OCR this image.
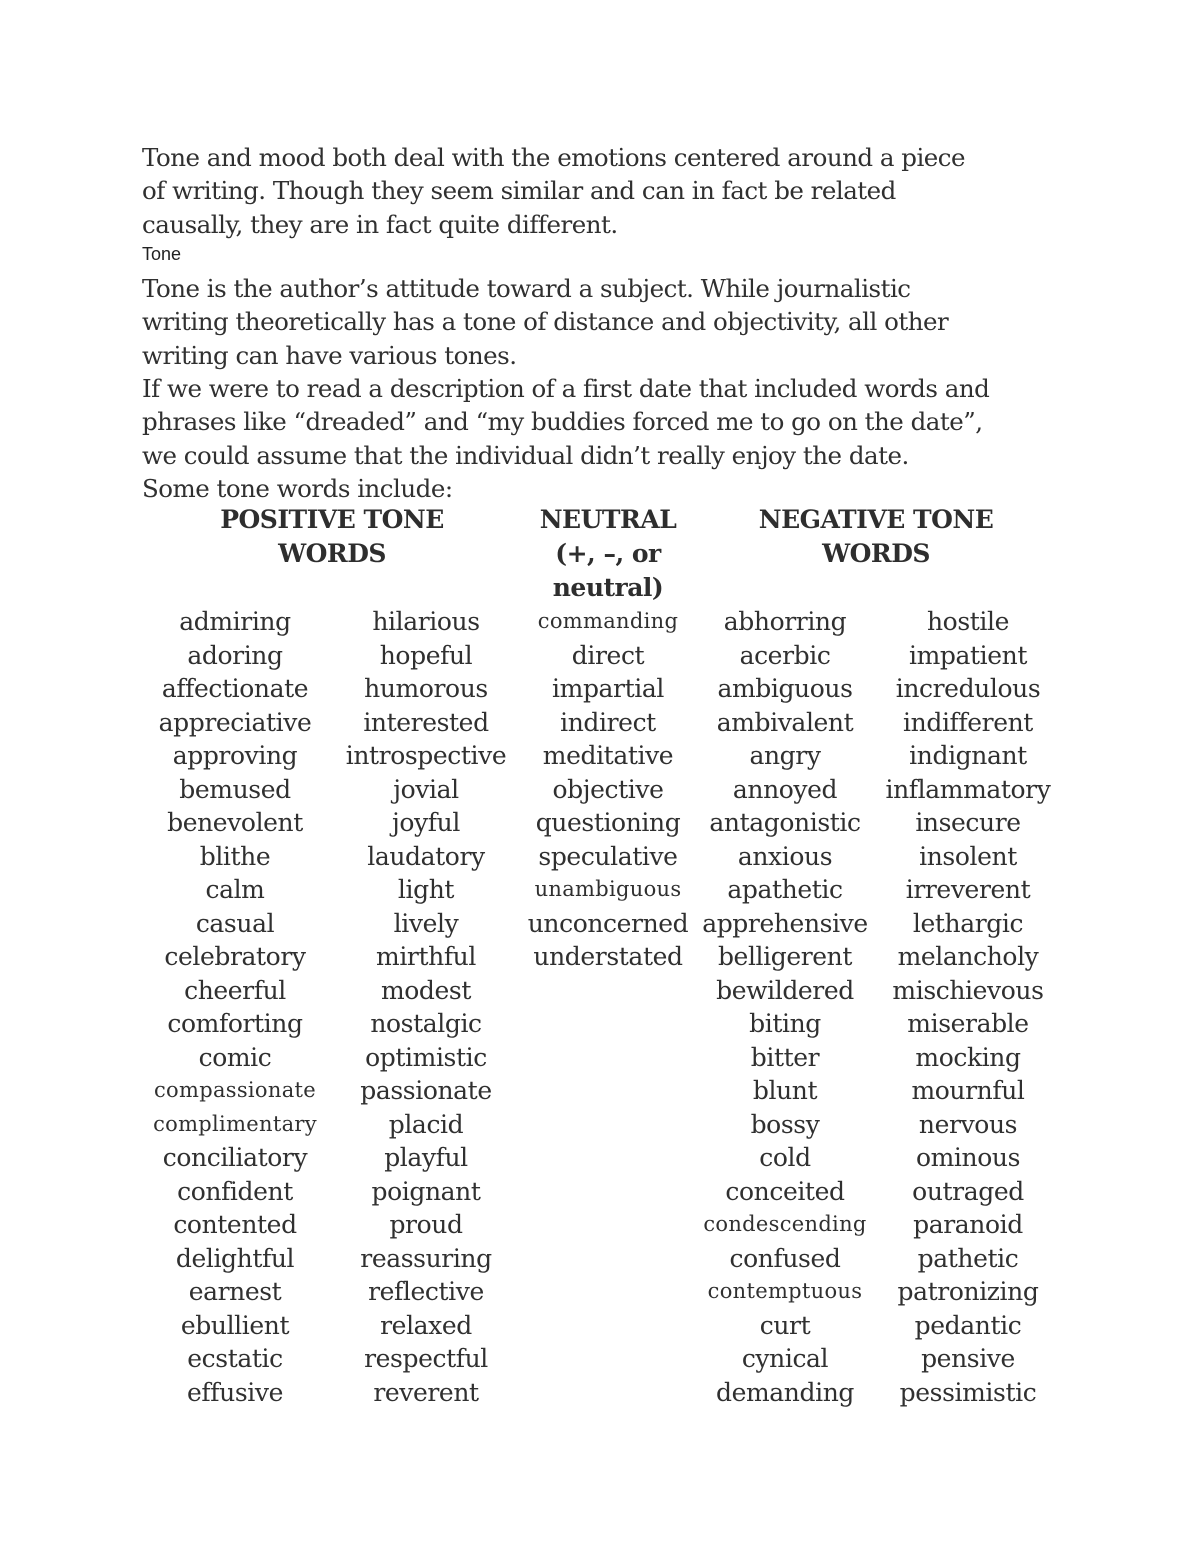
Tone and mood both deal with the emotions centered around a piece
of writing. Though they seem similar and can in fact be related
causally, they are in fact quite different.

Tone

Tone is the author’s attitude toward a subject. While journalistic
writing theoretically has a tone of distance and objectivity, all other
writing can have various tones.

If we were to read a description of a first date that included words and
phrases like “dreaded” and “my buddies forced me to go on the date”,
we could assume that the individual didn’t really enjoy the date.

Some tone words include:

POSITIVE TONE
WORDS
NEUTRAL
(+, –, or
neutral)
NEGATIVE TONE
WORDS
admiring
adoring
affectionate
appreciative
approving
bemused
benevolent
blithe
calm
casual
celebratory
cheerful
comforting
comic
compassionate
complimentary
conciliatory
confident
contented
delightful
earnest
ebullient
ecstatic
effusive
hilarious
hopeful
humorous
interested
introspective
jovial
joyful
laudatory
light
lively
mirthful
modest
nostalgic
optimistic
passionate
placid
playful
poignant
proud
reassuring
reflective
relaxed
respectful
reverent
commanding
direct
impartial
indirect
meditative
objective
questioning
speculative
unambiguous
unconcerned
understated
abhorring
acerbic
ambiguous
ambivalent
angry
annoyed
antagonistic
anxious
apathetic
apprehensive
belligerent
bewildered
biting
bitter
blunt
bossy
cold
conceited
condescending
confused
contemptuous
curt
cynical
demanding
hostile
impatient
incredulous
indifferent
indignant
inflammatory
insecure
insolent
irreverent
lethargic
melancholy
mischievous
miserable
mocking
mournful
nervous
ominous
outraged
paranoid
pathetic
patronizing
pedantic
pensive
pessimistic
